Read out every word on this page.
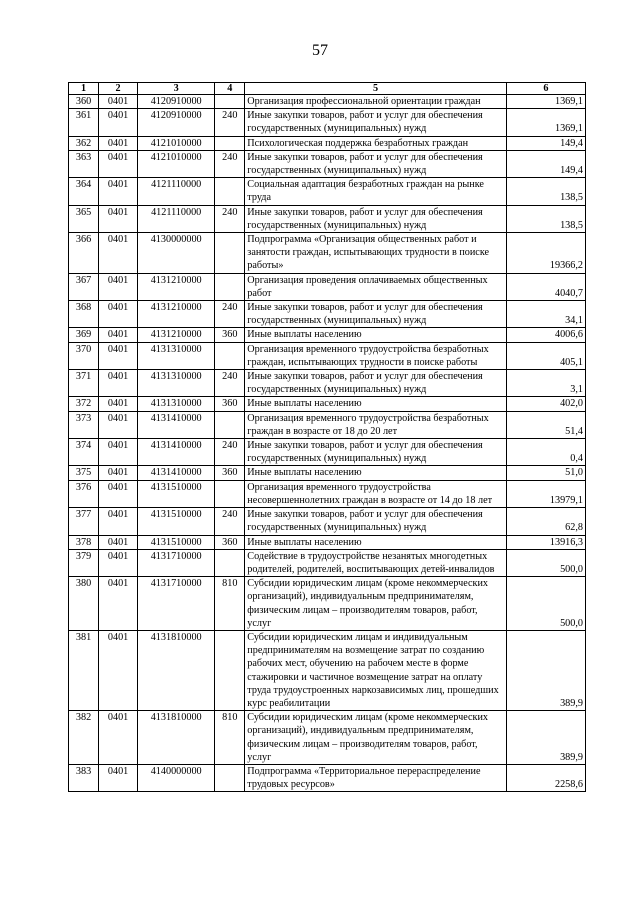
57
1	2	3	4	5	6
360	0401	4120910000		Организация профессиональной ориентации граждан	1369,1
361	0401	4120910000	240	Иные закупки товаров, работ и услуг для обеспечения государственных (муниципальных) нужд	1369,1
362	0401	4121010000		Психологическая поддержка безработных граждан	149,4
363	0401	4121010000	240	Иные закупки товаров, работ и услуг для обеспечения государственных (муниципальных) нужд	149,4
364	0401	4121110000		Социальная адаптация безработных граждан на рынке труда	138,5
365	0401	4121110000	240	Иные закупки товаров, работ и услуг для обеспечения государственных (муниципальных) нужд	138,5
366	0401	4130000000		Подпрограмма «Организация общественных работ и занятости граждан, испытывающих трудности в поиске работы»	19366,2
367	0401	4131210000		Организация проведения оплачиваемых общественных работ	4040,7
368	0401	4131210000	240	Иные закупки товаров, работ и услуг для обеспечения государственных (муниципальных) нужд	34,1
369	0401	4131210000	360	Иные выплаты населению	4006,6
370	0401	4131310000		Организация временного трудоустройства безработных граждан, испытывающих трудности в поиске работы	405,1
371	0401	4131310000	240	Иные закупки товаров, работ и услуг для обеспечения государственных (муниципальных) нужд	3,1
372	0401	4131310000	360	Иные выплаты населению	402,0
373	0401	4131410000		Организация временного трудоустройства безработных граждан в возрасте от 18 до 20 лет	51,4
374	0401	4131410000	240	Иные закупки товаров, работ и услуг для обеспечения государственных (муниципальных) нужд	0,4
375	0401	4131410000	360	Иные выплаты населению	51,0
376	0401	4131510000		Организация временного трудоустройства несовершеннолетних граждан в возрасте от 14 до 18 лет	13979,1
377	0401	4131510000	240	Иные закупки товаров, работ и услуг для обеспечения государственных (муниципальных) нужд	62,8
378	0401	4131510000	360	Иные выплаты населению	13916,3
379	0401	4131710000		Содействие в трудоустройстве незанятых многодетных родителей, родителей, воспитывающих детей-инвалидов	500,0
380	0401	4131710000	810	Субсидии юридическим лицам (кроме некоммерческих организаций), индивидуальным предпринимателям, физическим лицам – производителям товаров, работ, услуг	500,0
381	0401	4131810000		Субсидии юридическим лицам и индивидуальным предпринимателям на возмещение затрат по созданию рабочих мест, обучению на рабочем месте в форме стажировки и частичное возмещение затрат на оплату труда трудоустроенных наркозависимых лиц, прошедших курс реабилитации	389,9
382	0401	4131810000	810	Субсидии юридическим лицам (кроме некоммерческих организаций), индивидуальным предпринимателям, физическим лицам – производителям товаров, работ, услуг	389,9
383	0401	4140000000		Подпрограмма «Территориальное перераспределение трудовых ресурсов»	2258,6
